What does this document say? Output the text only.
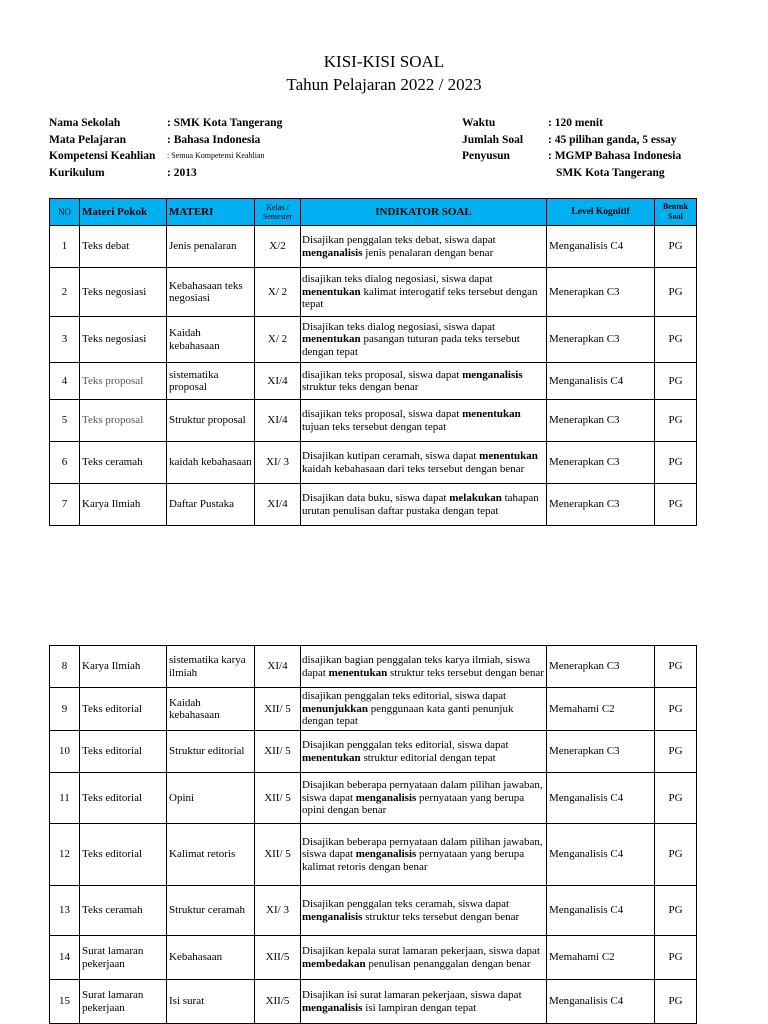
KISI-KISI SOAL
Tahun Pelajaran 2022 / 2023
Nama Sekolah	: SMK Kota Tangerang
Mata Pelajaran	: Bahasa Indonesia
Kompetensi Keahlian	: Semua Kompetensi Keahlian
Kurikulum	: 2013
Waktu	: 120 menit
Jumlah Soal	: 45 pilihan ganda, 5 essay
Penyusun	: MGMP Bahasa Indonesia
SMK Kota Tangerang
NO	Materi Pokok	MATERI	Kelas / Semester	INDIKATOR SOAL	Level Kognitif	Bentuk Soal
1	Teks debat	Jenis penalaran	X/2	Disajikan penggalan teks debat, siswa dapat menganalisis jenis penalaran dengan benar	Menganalisis C4	PG
2	Teks negosiasi	Kebahasaan teks negosiasi	X/ 2	disajikan teks dialog negosiasi, siswa dapat menentukan kalimat interogatif teks tersebut dengan tepat	Menerapkan C3	PG
3	Teks negosiasi	Kaidah kebahasaan	X/ 2	Disajikan teks dialog negosiasi, siswa dapat menentukan pasangan tuturan pada teks tersebut dengan tepat	Menerapkan C3	PG
4	Teks proposal	sistematika proposal	XI/4	disajikan teks proposal, siswa dapat menganalisis struktur teks dengan benar	Menganalisis C4	PG
5	Teks proposal	Struktur proposal	XI/4	disajikan teks proposal, siswa dapat menentukan tujuan teks tersebut dengan tepat	Menerapkan C3	PG
6	Teks ceramah	kaidah kebahasaan	XI/ 3	Disajikan kutipan ceramah, siswa dapat menentukan kaidah kebahasaan dari teks tersebut dengan benar	Menerapkan C3	PG
7	Karya Ilmiah	Daftar Pustaka	XI/4	Disajikan data buku, siswa dapat melakukan tahapan urutan penulisan daftar pustaka dengan tepat	Menerapkan C3	PG
8	Karya Ilmiah	sistematika karya ilmiah	XI/4	disajikan bagian penggalan teks karya ilmiah, siswa dapat menentukan struktur teks tersebut dengan benar	Menerapkan C3	PG
9	Teks editorial	Kaidah kebahasaan	XII/ 5	disajikan penggalan teks editorial, siswa dapat menunjukkan penggunaan kata ganti penunjuk dengan tepat	Memahami C2	PG
10	Teks editorial	Struktur editorial	XII/ 5	Disajikan penggalan teks editorial, siswa dapat menentukan struktur editorial dengan tepat	Menerapkan C3	PG
11	Teks editorial	Opini	XII/ 5	Disajikan beberapa pernyataan dalam pilihan jawaban, siswa dapat menganalisis pernyataan yang berupa opini dengan benar	Menganalisis C4	PG
12	Teks editorial	Kalimat retoris	XII/ 5	Disajikan beberapa pernyataan dalam pilihan jawaban, siswa dapat menganalisis pernyataan yang berupa kalimat retoris dengan benar	Menganalisis C4	PG
13	Teks ceramah	Struktur ceramah	XI/ 3	Disajikan penggalan teks ceramah, siswa dapat menganalisis struktur teks tersebut dengan benar	Menganalisis C4	PG
14	Surat lamaran pekerjaan	Kebahasaan	XII/5	Disajikan kepala surat lamaran pekerjaan, siswa dapat membedakan penulisan penanggalan dengan benar	Memahami C2	PG
15	Surat lamaran pekerjaan	Isi surat	XII/5	Disajikan isi surat lamaran pekerjaan, siswa dapat menganalisis isi lampiran dengan tepat	Menganalisis C4	PG
